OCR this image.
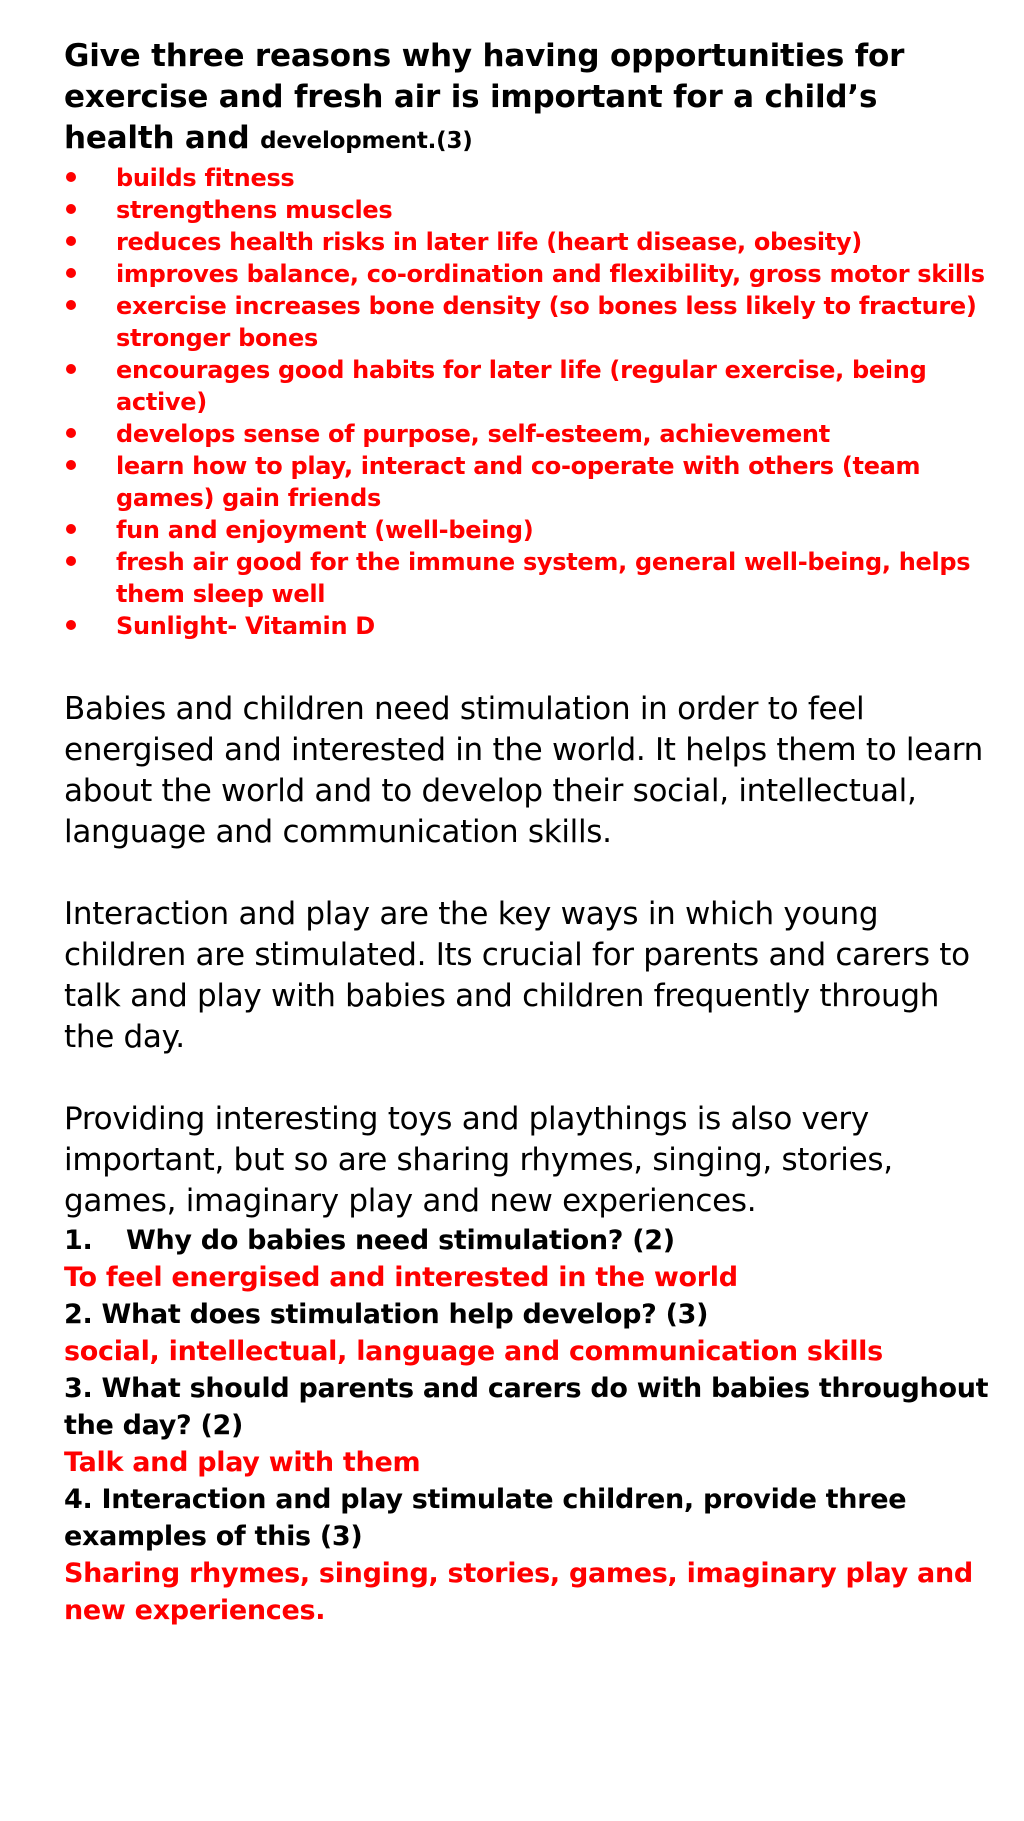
Give three reasons why having opportunities for exercise and fresh air is important for a child’s health and development.(3)

builds fitness
strengthens muscles
reduces health risks in later life (heart disease, obesity)
improves balance, co-ordination and flexibility, gross motor skills
exercise increases bone density (so bones less likely to fracture) stronger bones
encourages good habits for later life (regular exercise, being active)
develops sense of purpose, self-esteem, achievement
learn how to play, interact and co-operate with others (team games) gain friends
fun and enjoyment (well-being)
fresh air good for the immune system, general well-being, helps them sleep well
Sunlight- Vitamin D

Babies and children need stimulation in order to feel energised and interested in the world. It helps them to learn about the world and to develop their social, intellectual, language and communication skills.

Interaction and play are the key ways in which young children are stimulated. Its crucial for parents and carers to talk and play with babies and children frequently through the day.

Providing interesting toys and playthings is also very important, but so are sharing rhymes, singing, stories, games, imaginary play and new experiences.

1. Why do babies need stimulation? (2)

To feel energised and interested in the world

2. What does stimulation help develop? (3)

social, intellectual, language and communication skills

3. What should parents and carers do with babies throughout the day? (2)

Talk and play with them

4. Interaction and play stimulate children, provide three examples of this (3)

Sharing rhymes, singing, stories, games, imaginary play and new experiences.
